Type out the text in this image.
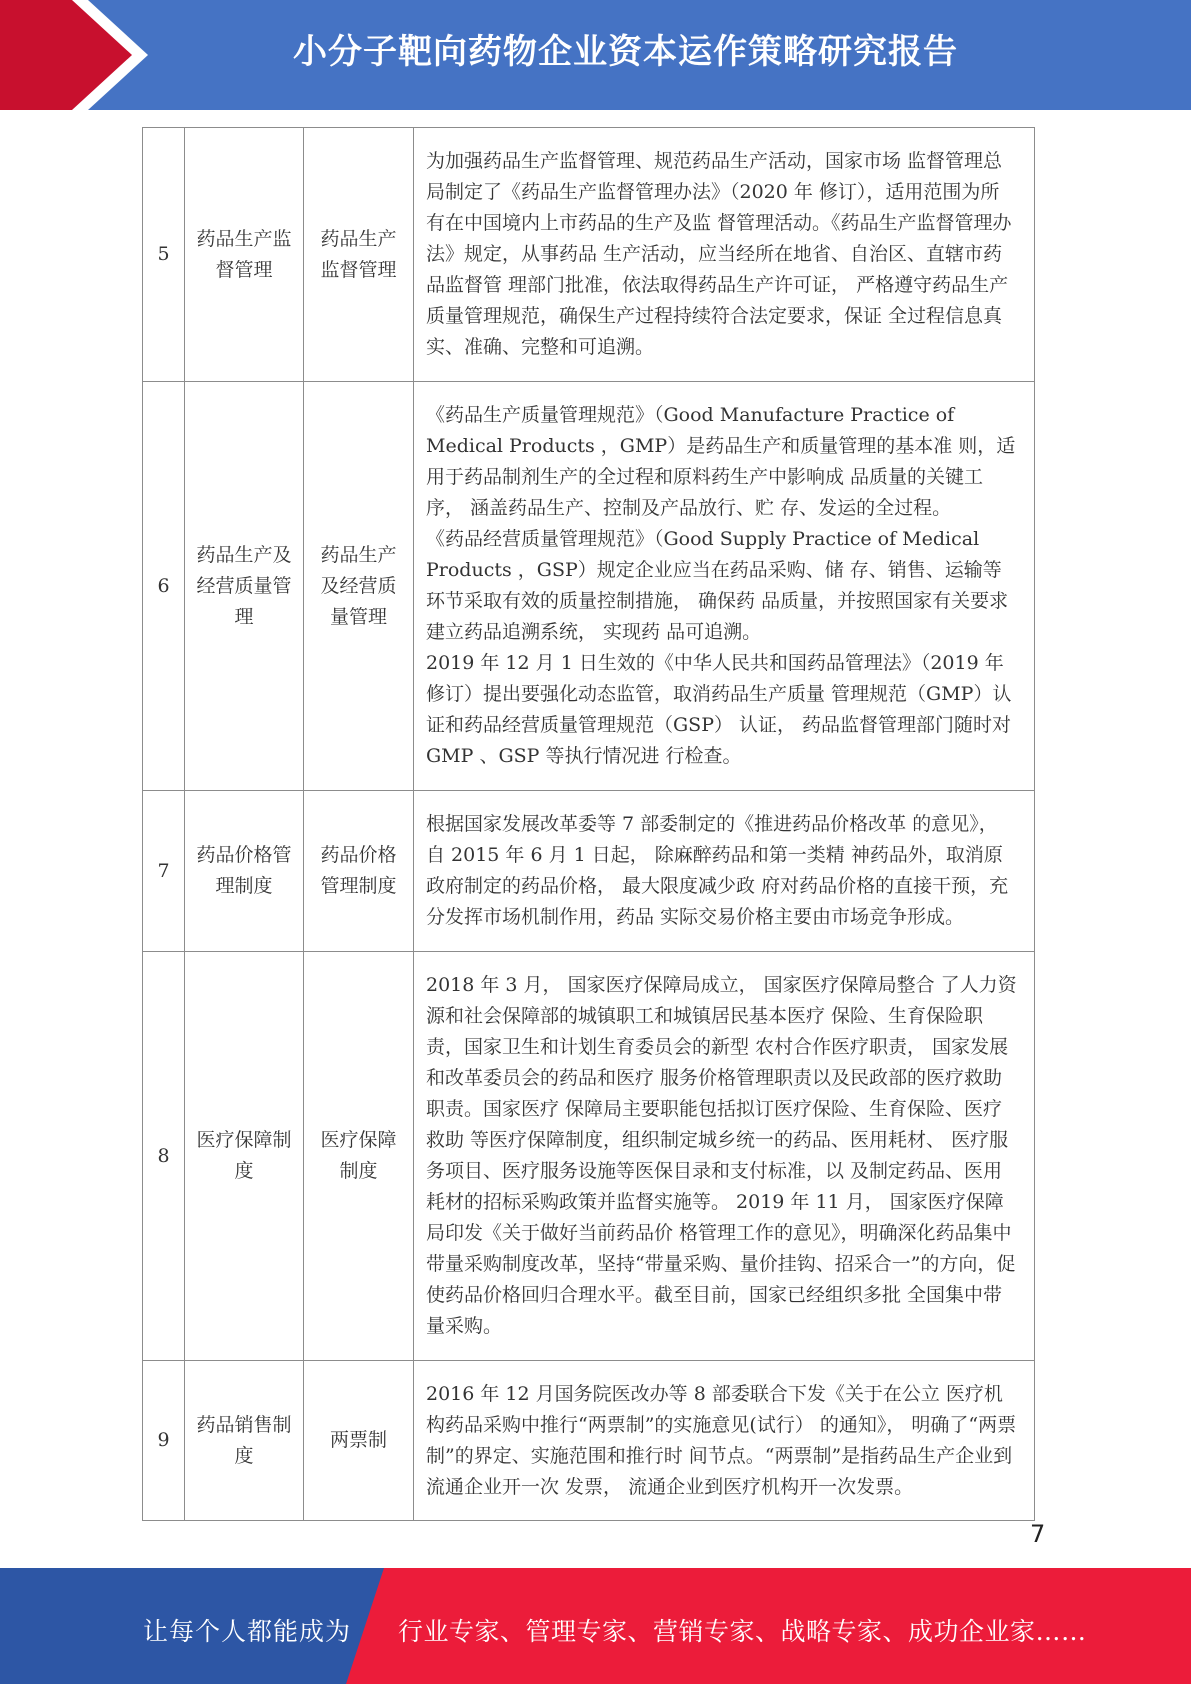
小分子靶向药物企业资本运作策略研究报告
5	药品生产监督管理	药品生产监督管理	为加强药品生产监督管理、规范药品生产活动，国家市场 监督管理总局制定了《药品生产监督管理办法》（2020 年 修订），适用范围为所有在中国境内上市药品的生产及监 督管理活动。《药品生产监督管理办法》规定，从事药品 生产活动，应当经所在地省、自治区、直辖市药品监督管 理部门批准，依法取得药品生产许可证， 严格遵守药品生产质量管理规范，确保生产过程持续符合法定要求，保证 全过程信息真实、准确、完整和可追溯。

6	药品生产及经营质量管理	药品生产及经营质量管理	《药品生产质量管理规范》（Good Manufacture Practice of Medical Products ，GMP）是药品生产和质量管理的基本准 则，适用于药品制剂生产的全过程和原料药生产中影响成 品质量的关键工序， 涵盖药品生产、控制及产品放行、贮 存、发运的全过程。
《药品经营质量管理规范》（Good Supply Practice of Medical Products ，GSP）规定企业应当在药品采购、储 存、销售、运输等环节采取有效的质量控制措施， 确保药 品质量，并按照国家有关要求建立药品追溯系统， 实现药 品可追溯。
2019 年 12 月 1 日生效的《中华人民共和国药品管理法》（2019 年修订）提出要强化动态监管，取消药品生产质量 管理规范（GMP）认证和药品经营质量管理规范（GSP） 认证， 药品监督管理部门随时对 GMP 、GSP 等执行情况进 行检查。

7	药品价格管理制度	药品价格管理制度	根据国家发展改革委等 7 部委制定的《推进药品价格改革 的意见》， 自 2015 年 6 月 1 日起， 除麻醉药品和第一类精 神药品外，取消原政府制定的药品价格， 最大限度减少政 府对药品价格的直接干预，充分发挥市场机制作用，药品 实际交易价格主要由市场竞争形成。

8	医疗保障制度	医疗保障制度	2018 年 3 月， 国家医疗保障局成立， 国家医疗保障局整合 了人力资源和社会保障部的城镇职工和城镇居民基本医疗 保险、生育保险职责，国家卫生和计划生育委员会的新型 农村合作医疗职责， 国家发展和改革委员会的药品和医疗 服务价格管理职责以及民政部的医疗救助职责。国家医疗 保障局主要职能包括拟订医疗保险、生育保险、医疗救助 等医疗保障制度，组织制定城乡统一的药品、医用耗材、 医疗服务项目、医疗服务设施等医保目录和支付标准，以 及制定药品、医用耗材的招标采购政策并监督实施等。 2019 年 11 月， 国家医疗保障局印发《关于做好当前药品价 格管理工作的意见》，明确深化药品集中带量采购制度改革，坚持“带量采购、量价挂钩、招采合一”的方向，促 使药品价格回归合理水平。截至目前，国家已经组织多批 全国集中带量采购。

9	药品销售制度	两票制	2016 年 12 月国务院医改办等 8 部委联合下发《关于在公立 医疗机构药品采购中推行“两票制”的实施意见(试行） 的通知》， 明确了“两票制”的界定、实施范围和推行时 间节点。“两票制”是指药品生产企业到流通企业开一次 发票， 流通企业到医疗机构开一次发票。
7
让每个人都能成为 行业专家、管理专家、营销专家、战略专家、成功企业家……
